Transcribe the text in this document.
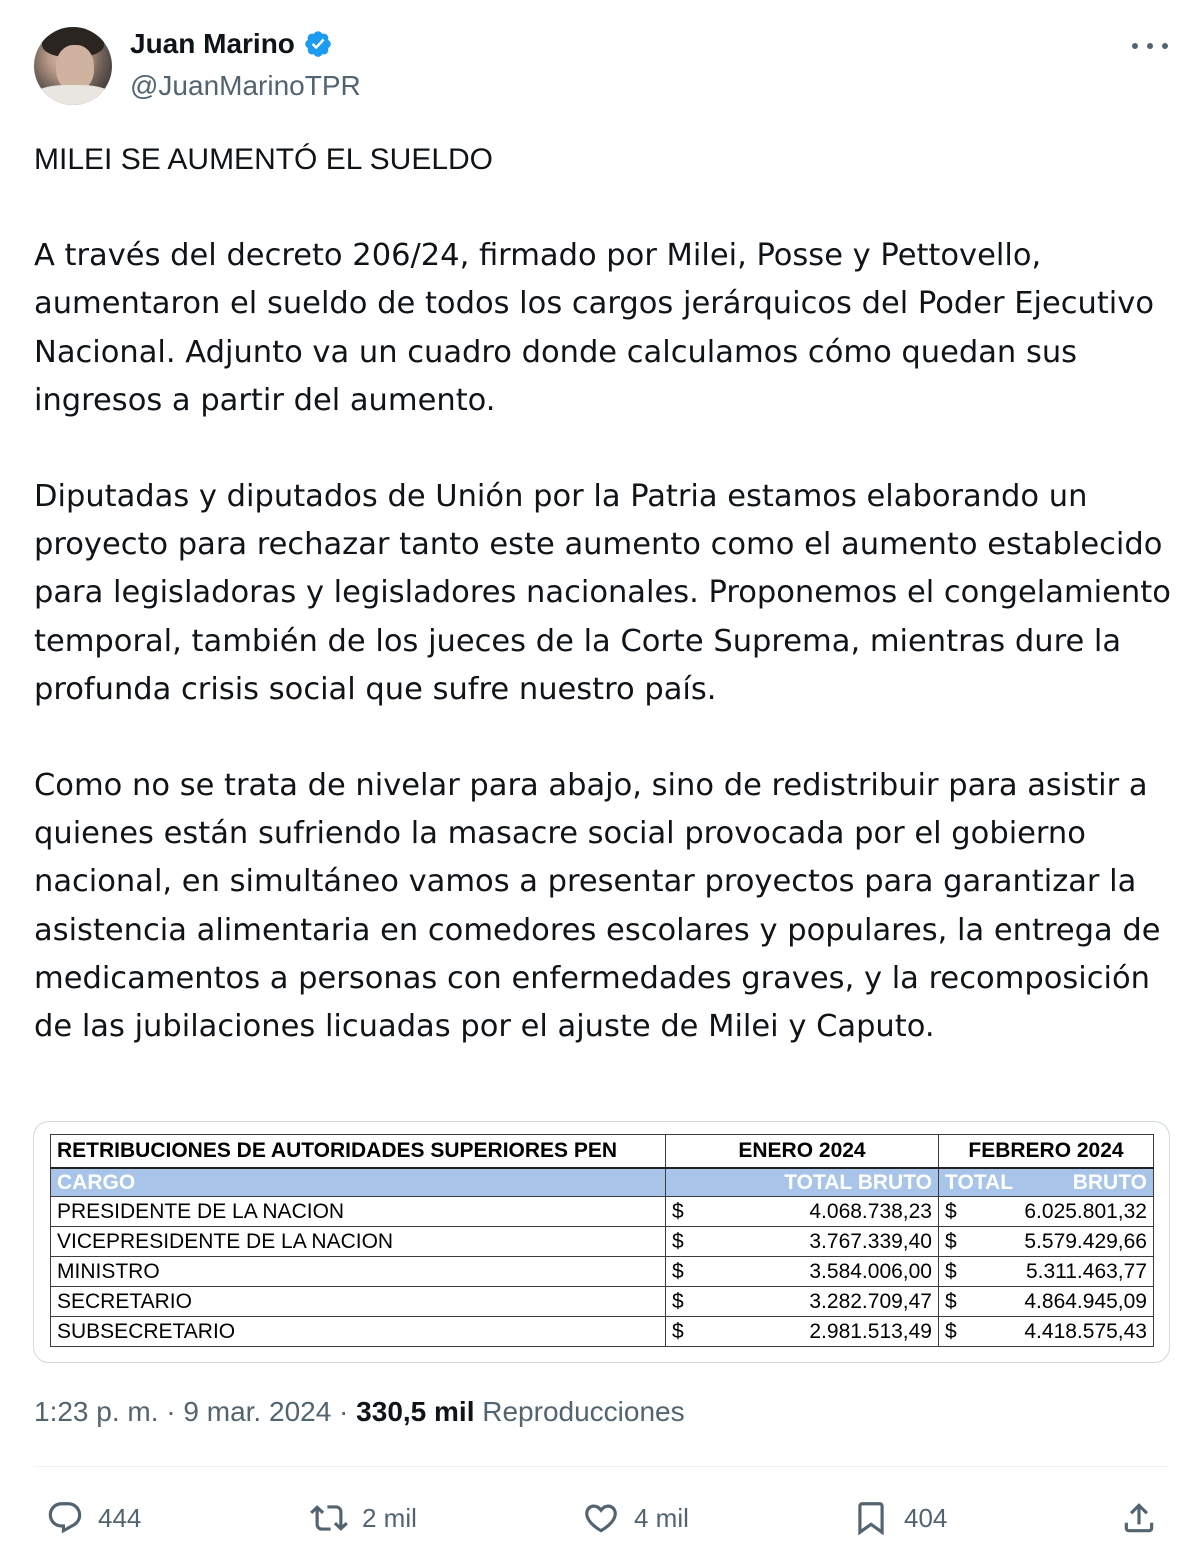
Juan Marino
@JuanMarinoTPR

MILEI SE AUMENTÓ EL SUELDO

A través del decreto 206/24, firmado por Milei, Posse y Pettovello, aumentaron el sueldo de todos los cargos jerárquicos del Poder Ejecutivo Nacional. Adjunto va un cuadro donde calculamos cómo quedan sus ingresos a partir del aumento.

Diputadas y diputados de Unión por la Patria estamos elaborando un proyecto para rechazar tanto este aumento como el aumento establecido para legisladoras y legisladores nacionales. Proponemos el congelamiento temporal, también de los jueces de la Corte Suprema, mientras dure la profunda crisis social que sufre nuestro país.

Como no se trata de nivelar para abajo, sino de redistribuir para asistir a quienes están sufriendo la masacre social provocada por el gobierno nacional, en simultáneo vamos a presentar proyectos para garantizar la asistencia alimentaria en comedores escolares y populares, la entrega de medicamentos a personas con enfermedades graves, y la recomposición de las jubilaciones licuadas por el ajuste de Milei y Caputo.

RETRIBUCIONES DE AUTORIDADES SUPERIORES PEN	ENERO 2024	FEBRERO 2024
CARGO	TOTAL BRUTO	TOTAL BRUTO

PRESIDENTE DE LA NACION	$ 4.068.738,23	$ 6.025.801,32

VICEPRESIDENTE DE LA NACION	$ 3.767.339,40	$ 5.579.429,66

MINISTRO	$ 3.584.006,00	$ 5.311.463,77

SECRETARIO	$ 3.282.709,47	$ 4.864.945,09

SUBSECRETARIO	$ 2.981.513,49	$ 4.418.575,43
1:23 p. m. · 9 mar. 2024 · 330,5 mil Reproducciones
444	2 mil	4 mil	404
